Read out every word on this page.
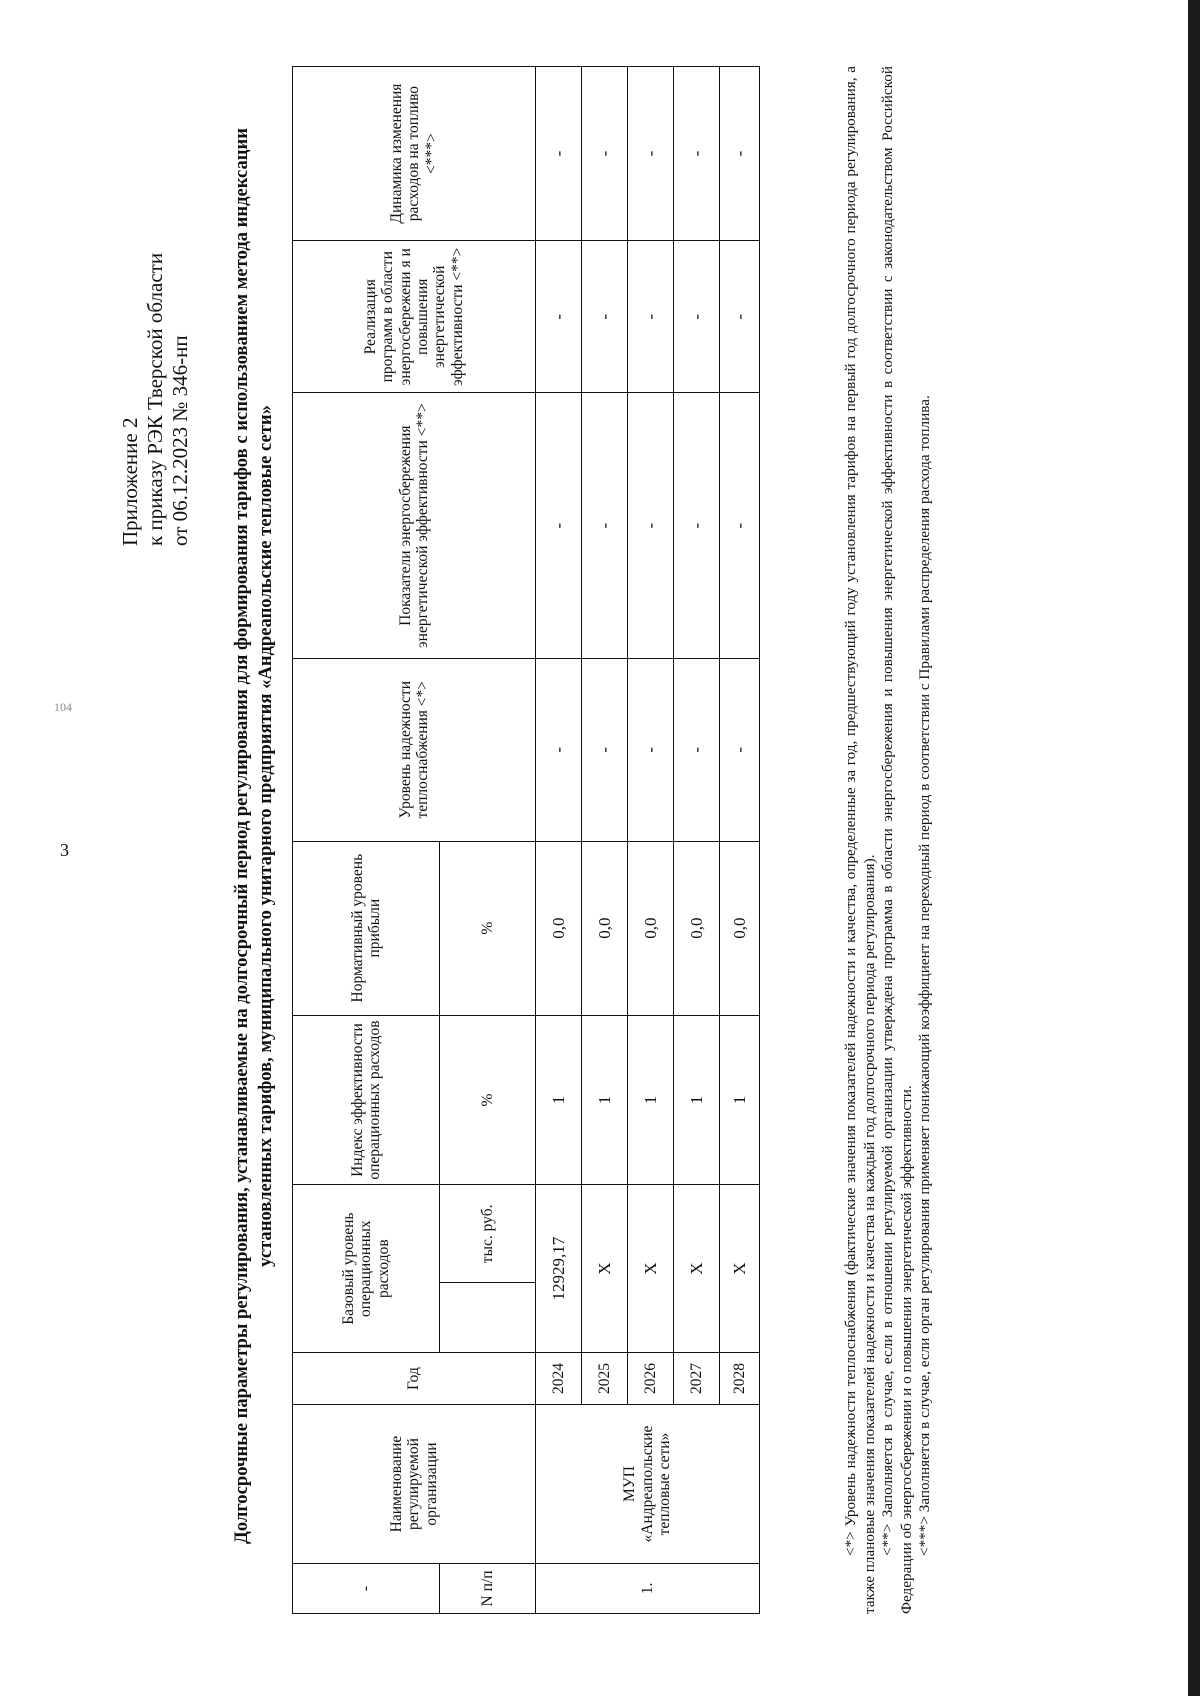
3
104
Приложение 2 к приказу РЭК Тверской области от 06.12.2023 № 346-нп Долгосрочные параметры регулирования, устанавливаемые на долгосрочный период регулирования для формирования тарифов с использованием метода индексации установленных тарифов, муниципального унитарного предприятия «Андреапольские тепловые сети»
-	Наименование регулируемой организации	Год	Базовый уровень операционных расходов		Индекс эффективности операционных расходов	Нормативный уровень прибыли	Уровень надежности теплоснабжения <*>	Показатели энергосбережения энергетической эффективности <**>	Реализация программ в области энергосбережени я и повышения энергетической эффективности <**>	Динамика изменения расходов на топливо <***>
N п/п				тыс. руб.	%	%				
1.	МУП «Андреапольские тепловые сети»	2024	12929,17		1	0,0	-	-	-	-
		2025	X		1	0,0	-	-	-	-
		2026	X		1	0,0	-	-	-	-
		2027	X		1	0,0	-	-	-	-
		2028	X		1	0,0	-	-	-	-	<*> Уровень надежности теплоснабжения (фактические значения показателей надежности и качества, определенные за год, предшествующий году установления тарифов на первый год долгосрочного периода регулирования, а также плановые значения показателей надежности и качества на каждый год долгосрочного периода регулирования). <**> Заполняется в случае, если в отношении регулируемой организации утверждена программа в области энергосбережения и повышения энергетической эффективности в соответствии с законодательством Российской Федерации об энергосбережении и о повышении энергетической эффективности. <***> Заполняется в случае, если орган регулирования применяет понижающий коэффициент на переходный период в соответствии с Правилами распределения расхода топлива.
